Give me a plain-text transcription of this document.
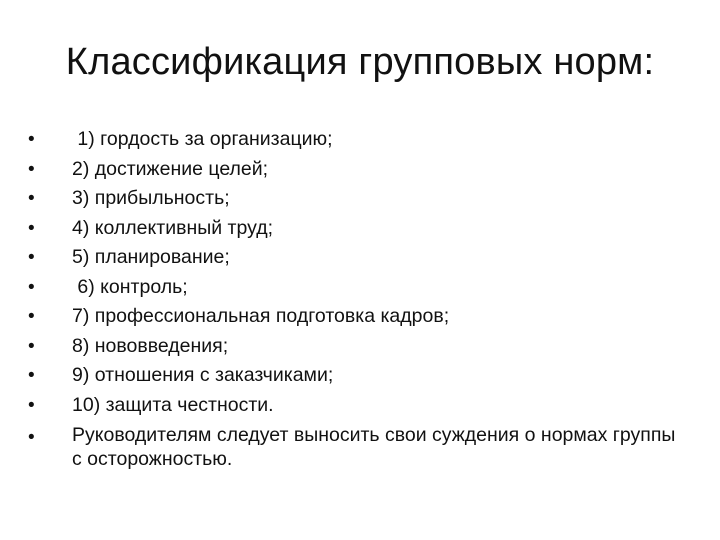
Классификация групповых норм:
•	1) гордость за организацию;
•	2) достижение целей;
•	3) прибыльность;
•	4) коллективный труд;
•	5) планирование;
•	6) контроль;
•	7) профессиональная подготовка кадров;
•	8) нововведения;
•	9) отношения с заказчиками;
•	10) защита честности.
•	Руководителям следует выносить свои суждения о нормах группы с осторожностью.
